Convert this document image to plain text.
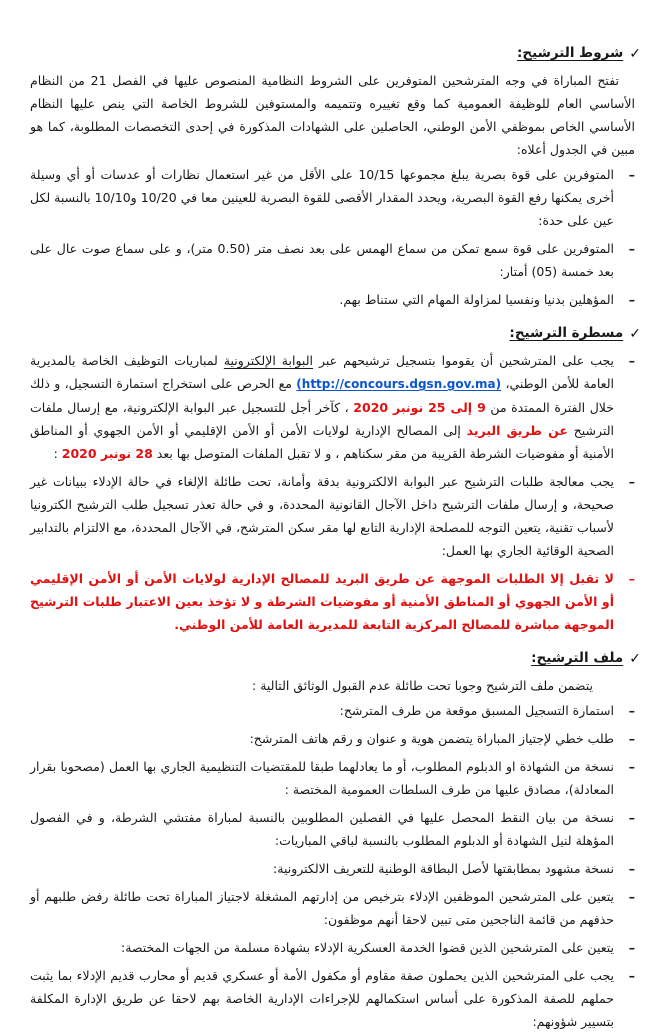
✓
شروط الترشيح:

تفتح المباراة في وجه المترشحين المتوفرين على الشروط النظامية المنصوص عليها في الفصل 21 من النظام الأساسي العام للوظيفة العمومية كما وقع تغييره وتتميمه والمستوفين للشروط الخاصة التي ينص عليها النظام الأساسي الخاص بموظفي الأمن الوطني، الحاصلين على الشهادات المذكورة في إحدى التخصصات المطلوبة، كما هو مبين في الجدول أعلاه:

–
المتوفرين على قوة بصرية يبلغ مجموعها 10/15 على الأقل من غير استعمال نظارات أو عدسات أو أي وسيلة أخرى يمكنها رفع القوة البصرية، ويحدد المقدار الأقصى للقوة البصرية للعينين معا في 10/20 و10/10 بالنسبة لكل عين على حدة:
–
المتوفرين على قوة سمع تمكن من سماع الهمس على بعد نصف متر (0.50 متر)، و على سماع صوت عال على بعد خمسة (05) أمتار:
–
المؤهلين بدنيا ونفسيا لمزاولة المهام التي ستناط بهم.
✓
مسطرة الترشيح:
–
يجب على المترشحين أن يقوموا بتسجيل ترشيحهم عبر البوابة الإلكترونية لمباريات التوظيف الخاصة بالمديرية العامة للأمن الوطني، (http://concours.dgsn.gov.ma) مع الحرص على استخراج استمارة التسجيل، و ذلك خلال الفترة الممتدة من 9 إلى 25 نونبر 2020 ، كآخر أجل للتسجيل عبر البوابة الإلكترونية، مع إرسال ملفات الترشيح عن طريق البريد إلى المصالح الإدارية لولايات الأمن أو الأمن الإقليمي أو الأمن الجهوي أو المناطق الأمنية أو مفوضيات الشرطة القريبة من مقر سكناهم ، و لا تقبل الملفات المتوصل بها بعد 28 نونبر 2020 :
–
يجب معالجة طلبات الترشيح عبر البوابة الالكترونية بدقة وأمانة، تحت طائلة الإلغاء في حالة الإدلاء ببيانات غير صحيحة، و إرسال ملفات الترشيح داخل الآجال القانونية المحددة، و في حالة تعذر تسجيل طلب الترشيح الكترونيا لأسباب تقنية، يتعين التوجه للمصلحة الإدارية التابع لها مقر سكن المترشح، في الآجال المحددة، مع الالتزام بالتدابير الصحية الوقائية الجاري بها العمل:
–
لا تقبل إلا الطلبات الموجهة عن طريق البريد للمصالح الإدارية لولايات الأمن أو الأمن الإقليمي أو الأمن الجهوي أو المناطق الأمنية أو مفوضيات الشرطة و لا تؤخذ بعين الاعتبار طلبات الترشيح الموجهة مباشرة للمصالح المركزية التابعة للمديرية العامة للأمن الوطني.
✓
ملف الترشيح:

يتضمن ملف الترشيح وجوبا تحت طائلة عدم القبول الوثائق التالية :

–
استمارة التسجيل المسبق موقعة من طرف المترشح:
–
طلب خطي لإجتياز المباراة يتضمن هوية و عنوان و رقم هاتف المترشح:
–
نسخة من الشهادة او الدبلوم المطلوب، أو ما يعادلهما طبقا للمقتضيات التنظيمية الجاري بها العمل (مصحوبا بقرار المعادلة)، مصادق عليها من طرف السلطات العمومية المختصة :
–
نسخة من بيان النقط المحصل عليها في الفصلين المطلوبين بالنسبة لمباراة مفتشي الشرطة، و في الفصول المؤهلة لنيل الشهادة أو الدبلوم المطلوب بالنسبة لباقي المباريات:
–
نسخة مشهود بمطابقتها لأصل البطاقة الوطنية للتعريف الالكترونية:
–
يتعين على المترشحين الموظفين الإدلاء بترخيص من إدارتهم المشغلة لاجتياز المباراة تحت طائلة رفض طلبهم أو حذفهم من قائمة الناجحين متى تبين لاحقا أنهم موظفون:
–
يتعين على المترشحين الذين قضوا الخدمة العسكرية الإدلاء بشهادة مسلمة من الجهات المختصة:
–
يجب على المترشحين الذين يحملون صفة مقاوم أو مكفول الأمة أو عسكري قديم أو محارب قديم الإدلاء بما يثبت حملهم للصفة المذكورة على أساس استكمالهم للإجراءات الإدارية الخاصة بهم لاحقا عن طريق الإدارة المكلفة بتسيير شؤونهم:
